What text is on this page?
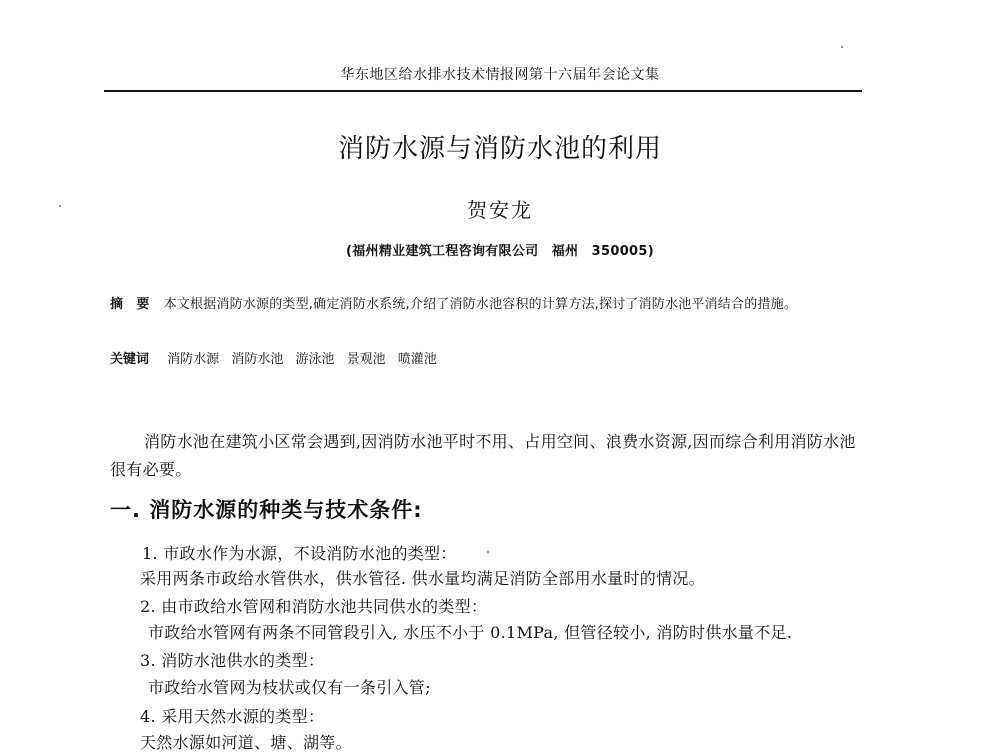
华东地区给水排水技术情报网第十六届年会论文集
消防水源与消防水池的利用
贺安龙
(福州精业建筑工程咨询有限公司　福州　350005)
摘　要 本文根据消防水源的类型,确定消防水系统,介绍了消防水池容积的计算方法,探讨了消防水池平消结合的措施。
关键词 消防水源 消防水池 游泳池 景观池 喷灌池
消防水池在建筑小区常会遇到,因消防水池平时不用、占用空间、浪费水资源,因而综合利用消防水池很有必要。
一. 消防水源的种类与技术条件:
1. 市政水作为水源，不设消防水池的类型：
采用两条市政给水管供水，供水管径. 供水量均满足消防全部用水量时的情况。
2. 由市政给水管网和消防水池共同供水的类型：
市政给水管网有两条不同管段引入, 水压不小于 0.1MPa, 但管径较小, 消防时供水量不足.
3. 消防水池供水的类型：
市政给水管网为枝状或仅有一条引入管;
4. 采用天然水源的类型：
天然水源如河道、塘、湖等。
